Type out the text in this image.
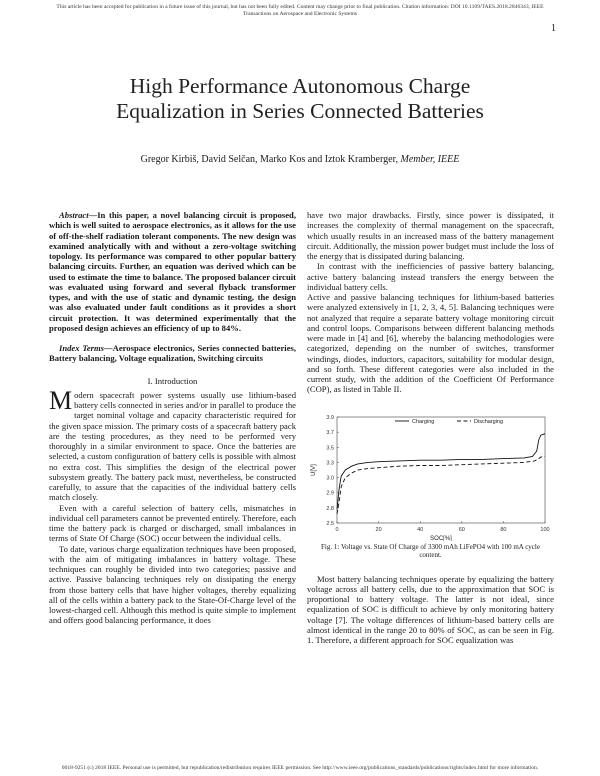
This article has been accepted for publication in a future issue of this journal, but has not been fully edited. Content may change prior to final publication. Citation information: DOI 10.1109/TAES.2018.2846343, IEEE
Transactions on Aerospace and Electronic Systems
1
High Performance Autonomous Charge
Equalization in Series Connected Batteries
Gregor Kirbiš, David Selčan, Marko Kos and Iztok Kramberger, Member, IEEE

Abstract—In this paper, a novel balancing circuit is proposed, which is well suited to aerospace electronics, as it allows for the use of off-the-shelf radiation tolerant components. The new design was examined analytically with and without a zero-voltage switching topology. Its performance was compared to other popular battery balancing circuits. Further, an equation was derived which can be used to estimate the time to balance. The proposed balancer circuit was evaluated using forward and several flyback transformer types, and with the use of static and dynamic testing, the design was also evaluated under fault conditions as it provides a short circuit protection. It was determined experimentally that the proposed design achieves an efficiency of up to 84%.

Index Terms—Aerospace electronics, Series connected batteries, Battery balancing, Voltage equalization, Switching circuits

I. Introduction

Modern spacecraft power systems usually use lithium-based battery cells connected in series and/or in parallel to produce the target nominal voltage and capacity characteristic required for the given space mission. The primary costs of a spacecraft battery pack are the testing procedures, as they need to be performed very thoroughly in a similar environment to space. Once the batteries are selected, a custom configuration of battery cells is possible with almost no extra cost. This simplifies the design of the electrical power subsystem greatly. The battery pack must, nevertheless, be constructed carefully, to assure that the capacities of the individual battery cells match closely.

Even with a careful selection of battery cells, mismatches in individual cell parameters cannot be prevented entirely. Therefore, each time the battery pack is charged or discharged, small imbalances in terms of State Of Charge (SOC) occur between the individual cells.

To date, various charge equalization techniques have been proposed, with the aim of mitigating imbalances in battery voltage. These techniques can roughly be divided into two categories; passive and active. Passive balancing techniques rely on dissipating the energy from those battery cells that have higher voltages, thereby equalizing all of the cells within a battery pack to the State-Of-Charge level of the lowest-charged cell. Although this method is quite simple to implement and offers good balancing performance, it does

have two major drawbacks. Firstly, since power is dissipated, it increases the complexity of thermal management on the spacecraft, which usually results in an increased mass of the battery management circuit. Additionally, the mission power budget must include the loss of the energy that is dissipated during balancing.

In contrast with the inefficiencies of passive battery balancing, active battery balancing instead transfers the energy between the individual battery cells.

Active and passive balancing techniques for lithium-based batteries were analyzed extensively in [1, 2, 3, 4, 5]. Balancing techniques were not analyzed that require a separate battery voltage monitoring circuit and control loops. Comparisons between different balancing methods were made in [4] and [6], whereby the balancing methodologies were categorized, depending on the number of switches, transformer windings, diodes, inductors, capacitors, suitability for modular design, and so forth. These different categories were also included in the current study, with the addition of the Coefficient Of Performance (COP), as listed in Table II.

0	20	40	60	80	100
2.5
2.8
2.9
3.0
3.3
3.5
3.7
3.9
SOC[%]
U[V]
Charging	Discharging

Fig. 1: Voltage vs. State Of Charge of 3300 mAh LiFePO4 with 100 mA cycle content.

Most battery balancing techniques operate by equalizing the battery voltage across all battery cells, due to the approximation that SOC is proportional to battery voltage. The latter is not ideal, since equalization of SOC is difficult to achieve by only monitoring battery voltage [7]. The voltage differences of lithium-based battery cells are almost identical in the range 20 to 80% of SOC, as can be seen in Fig. 1. Therefore, a different approach for SOC equalization was

0018-9251 (c) 2018 IEEE. Personal use is permitted, but republication/redistribution requires IEEE permission. See http://www.ieee.org/publications_standards/publications/rights/index.html for more information.
